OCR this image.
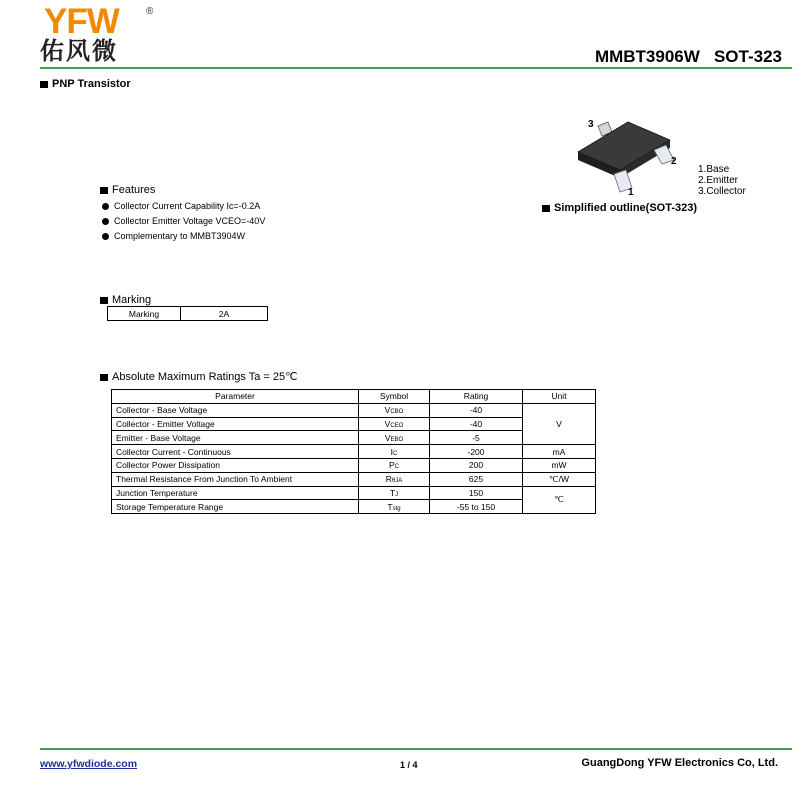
YFW	®
佑风微	MMBT3906W   SOT-323
PNP Transistor
3
2
1
1.Base
2.Emitter
3.Collector
Simplified outline(SOT-323)
Features
Collector Current Capability Ic=-0.2A
Collector Emitter Voltage VCEO=-40V
Complementary to MMBT3904W
Marking
Marking	2A
Absolute Maximum Ratings Ta = 25℃
Parameter	Symbol	Rating	Unit
Collector - Base Voltage	VCBO	-40	V
Collector - Emitter Voltage	VCEO	-40	
Emitter - Base Voltage	VEBO	-5	
Collector Current - Continuous	IC	-200	mA
Collector Power Dissipation	PC	200	mW
Thermal Resistance From Junction To Ambient	RθJA	625	℃/W
Junction Temperature	TJ	150	℃
Storage Temperature Range	Tstg	-55 to 150	
www.yfwdiode.com	1 / 4	GuangDong YFW Electronics Co, Ltd.
